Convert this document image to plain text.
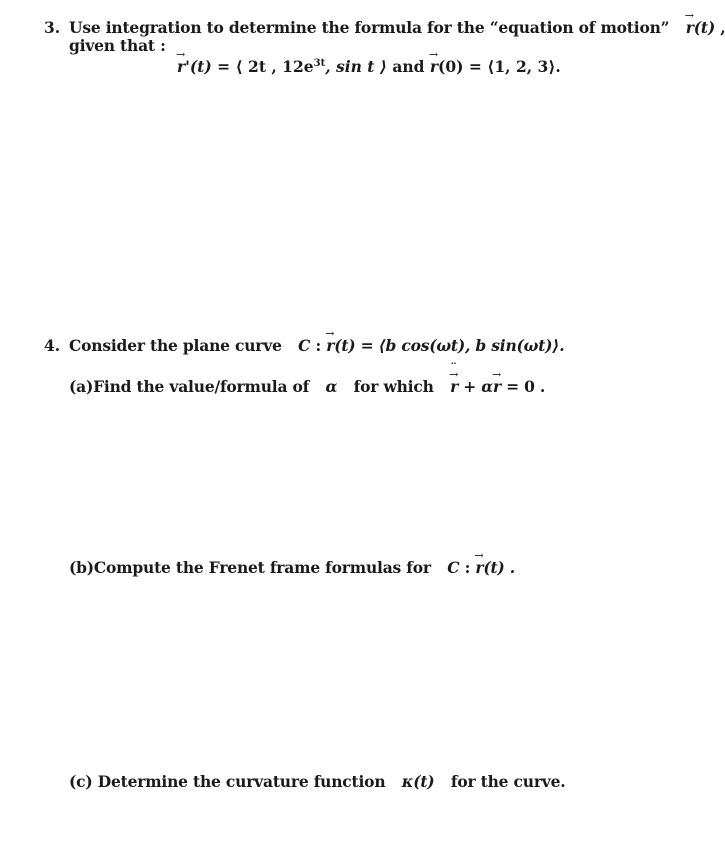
3. Use integration to determine the formula for the “equation of motion” → r(t) ,
given that :
→ r'(t) = ⟨ 2t , $12e^{3t}$, sin t ⟩ and → r(0) = ⟨1, 2, 3⟩.
4. Consider the plane curve C : → r(t) = ⟨b cos(ωt), b sin(ωt)⟩.
(a)Find the value/formula of α for which → r ¨ + α→ r = 0 .
(b)Compute the Frenet frame formulas for C : → r(t) .
(c) Determine the curvature function κ(t) for the curve.
